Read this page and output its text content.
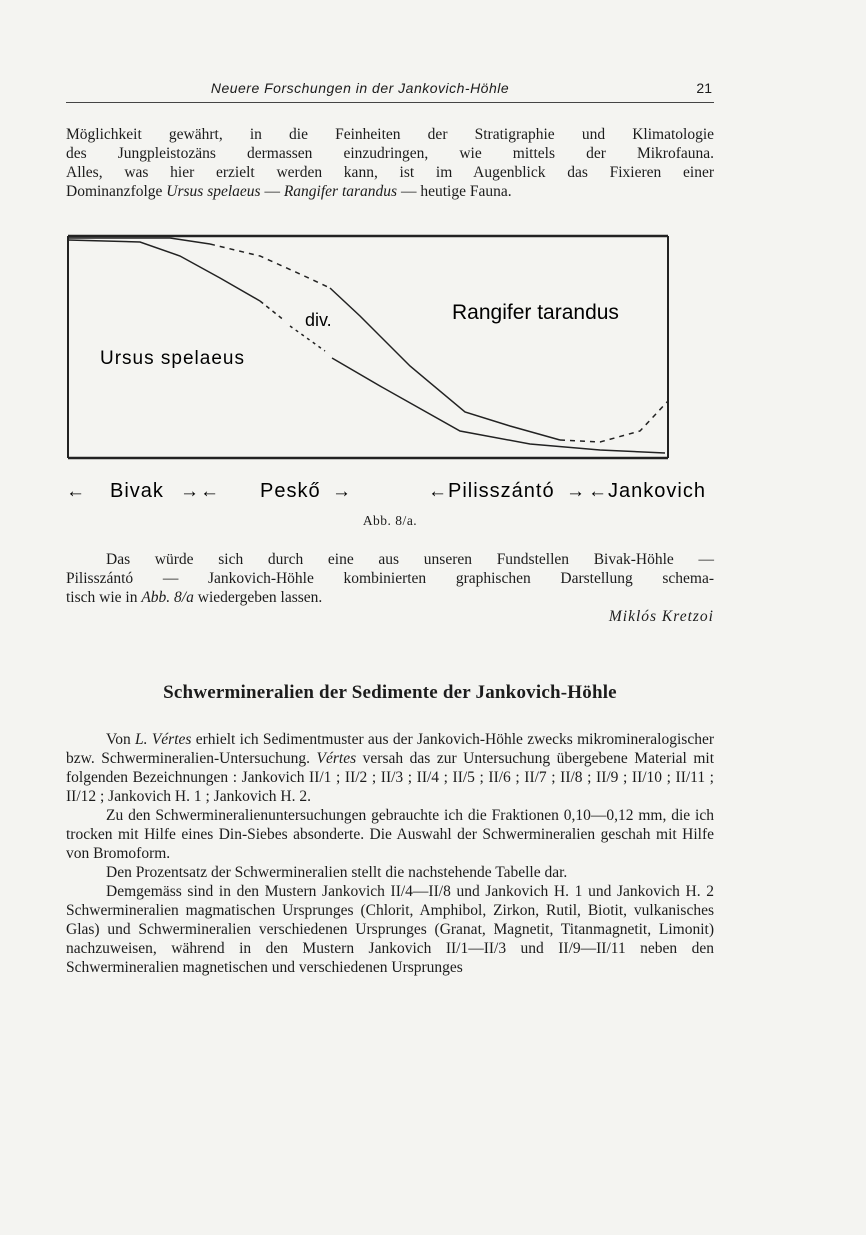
Neuere Forschungen in der Jankovich-Höhle	21

Möglichkeit gewährt, in die Feinheiten der Stratigraphie und Klimatologie

des Jungpleistozäns dermassen einzudringen, wie mittels der Mikrofauna.

Alles, was hier erzielt werden kann, ist im Augenblick das Fixieren einer

Dominanzfolge Ursus spelaeus — Rangifer tarandus — heutige Fauna.

Ursus spelaeus
div.	Rangifer tarandus
← Bivak → ← Peskő →	← Pilisszántó → ← Jankovich
Abb. 8/a.

Das würde sich durch eine aus unseren Fundstellen Bivak-Höhle —

Pilisszántó — Jankovich-Höhle kombinierten graphischen Darstellung schema-

tisch wie in Abb. 8/a wiedergeben lassen.

Miklós Kretzoi
Schwermineralien der Sedimente der Jankovich-Höhle

Von L. Vértes erhielt ich Sedimentmuster aus der Jankovich-Höhle zwecks mikromineralogischer bzw. Schwermineralien-Untersuchung. Vértes versah das zur Untersuchung übergebene Material mit folgenden Bezeichnungen : Jankovich II/1 ; II/2 ; II/3 ; II/4 ; II/5 ; II/6 ; II/7 ; II/8 ; II/9 ; II/10 ; II/11 ; II/12 ; Jankovich H. 1 ; Jankovich H. 2.

Zu den Schwermineralienuntersuchungen gebrauchte ich die Fraktionen 0,10—0,12 mm, die ich trocken mit Hilfe eines Din-Siebes absonderte. Die Auswahl der Schwermineralien geschah mit Hilfe von Bromoform.

Den Prozentsatz der Schwermineralien stellt die nachstehende Tabelle dar.

Demgemäss sind in den Mustern Jankovich II/4—II/8 und Jankovich H. 1 und Jankovich H. 2 Schwermineralien magmatischen Ursprunges (Chlorit, Amphibol, Zirkon, Rutil, Biotit, vulkanisches Glas) und Schwermineralien verschiedenen Ursprunges (Granat, Magnetit, Titanmagnetit, Limonit) nachzuweisen, während in den Mustern Jankovich II/1—II/3 und II/9—II/11 neben den Schwermineralien magnetischen und verschiedenen Ursprunges
